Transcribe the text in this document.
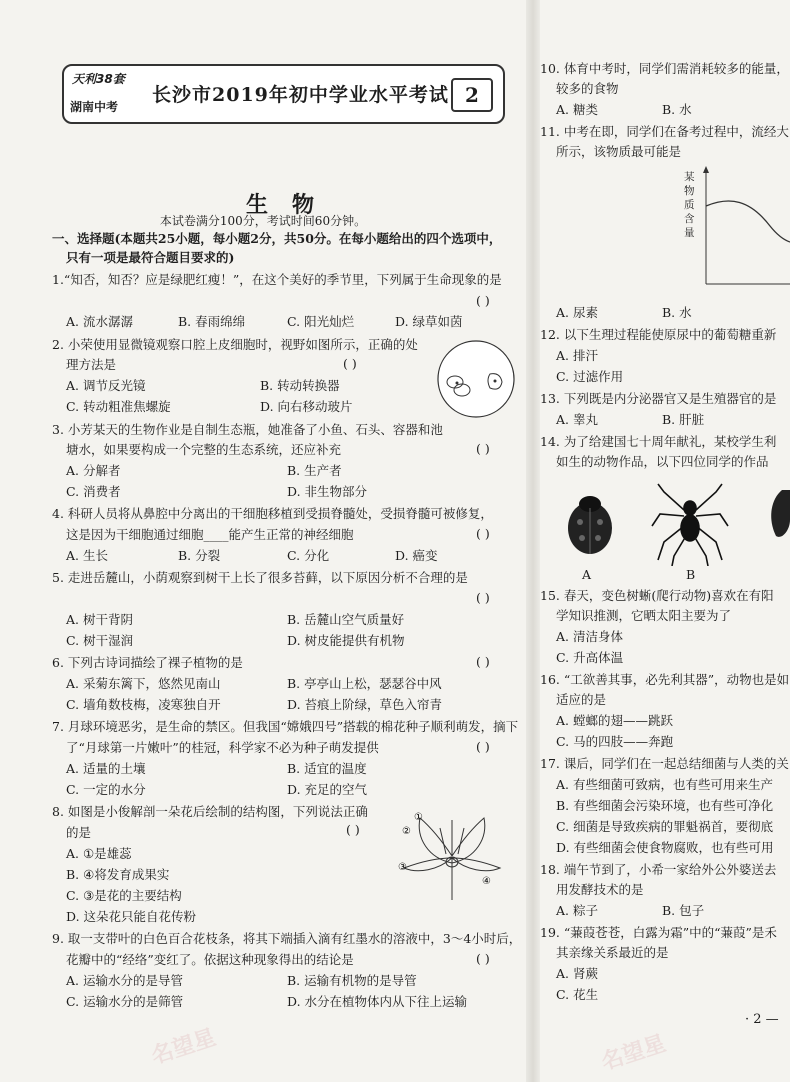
天利38套
湖南中考
长沙市2019年初中学业水平考试 2
生物
本试卷满分100分，考试时间60分钟。
一、选择题(本题共25小题，每小题2分，共50分。在每小题给出的四个选项中，
只有一项是最符合题目要求的)
1.“知否，知否？应是绿肥红瘦！”，在这个美好的季节里，下列属于生命现象的是
( )
A. 流水潺潺	B. 春雨绵绵	C. 阳光灿烂	D. 绿草如茵
2. 小荣使用显微镜观察口腔上皮细胞时，视野如图所示，正确的处
理方法是	( )
A. 调节反光镜	B. 转动转换器
C. 转动粗准焦螺旋	D. 向右移动玻片
3. 小芳某天的生物作业是自制生态瓶，她准备了小鱼、石头、容器和池
塘水，如果要构成一个完整的生态系统，还应补充	( )
A. 分解者	B. 生产者
C. 消费者	D. 非生物部分
4. 科研人员将从鼻腔中分离出的干细胞移植到受损脊髓处，受损脊髓可被修复，
这是因为干细胞通过细胞____能产生正常的神经细胞	( )
A. 生长	B. 分裂	C. 分化	D. 癌变
5. 走进岳麓山，小荫观察到树干上长了很多苔藓，以下原因分析不合理的是
( )
A. 树干背阴	B. 岳麓山空气质量好
C. 树干湿润	D. 树皮能提供有机物
6. 下列古诗词描绘了裸子植物的是	( )
A. 采菊东篱下，悠然见南山	B. 亭亭山上松，瑟瑟谷中风
C. 墙角数枝梅，凌寒独自开	D. 苔痕上阶绿，草色入帘青
7. 月球环境恶劣，是生命的禁区。但我国“嫦娥四号”搭载的棉花种子顺利萌发，摘下
了“月球第一片嫩叶”的桂冠，科学家不必为种子萌发提供	( )
A. 适量的土壤	B. 适宜的温度
C. 一定的水分	D. 充足的空气
8. 如图是小俊解剖一朵花后绘制的结构图，下列说法正确
( )
的是
A. ①是雄蕊
B. ④将发育成果实
C. ③是花的主要结构
D. 这朵花只能自花传粉
①
②
③
④
9. 取一支带叶的白色百合花枝条，将其下端插入滴有红墨水的溶液中，3～4小时后，
花瓣中的“经络”变红了。依据这种现象得出的结论是	( )
A. 运输水分的是导管	B. 运输有机物的是导管
C. 运输水分的是筛管	D. 水分在植物体内从下往上运输
10. 体育中考时，同学们需消耗较多的能量，
较多的食物
A. 糖类	B. 水
11. 中考在即，同学们在备考过程中，流经大
所示，该物质最可能是
某物质含量
A. 尿素	B. 水
12. 以下生理过程能使原尿中的葡萄糖重新
A. 排汗
C. 过滤作用
13. 下列既是内分泌器官又是生殖器官的是
A. 睾丸	B. 肝脏
14. 为了给建国七十周年献礼，某校学生利
如生的动物作品，以下四位同学的作品
A	B
15. 春天，变色树蜥(爬行动物)喜欢在有阳
学知识推测，它晒太阳主要为了
A. 清洁身体
C. 升高体温
16. “工欲善其事，必先利其器”，动物也是如
适应的是
A. 螳螂的翅——跳跃
C. 马的四肢——奔跑
17. 课后，同学们在一起总结细菌与人类的关
A. 有些细菌可致病，也有些可用来生产
B. 有些细菌会污染环境，也有些可净化
C. 细菌是导致疾病的罪魁祸首，要彻底
D. 有些细菌会使食物腐败，也有些可用
18. 端午节到了，小希一家给外公外婆送去
用发酵技术的是
A. 粽子	B. 包子
19. “蒹葭苍苍，白露为霜”中的“蒹葭”是禾
其亲缘关系最近的是
A. 肾蕨
C. 花生
· 2 —
名望星	名望星
